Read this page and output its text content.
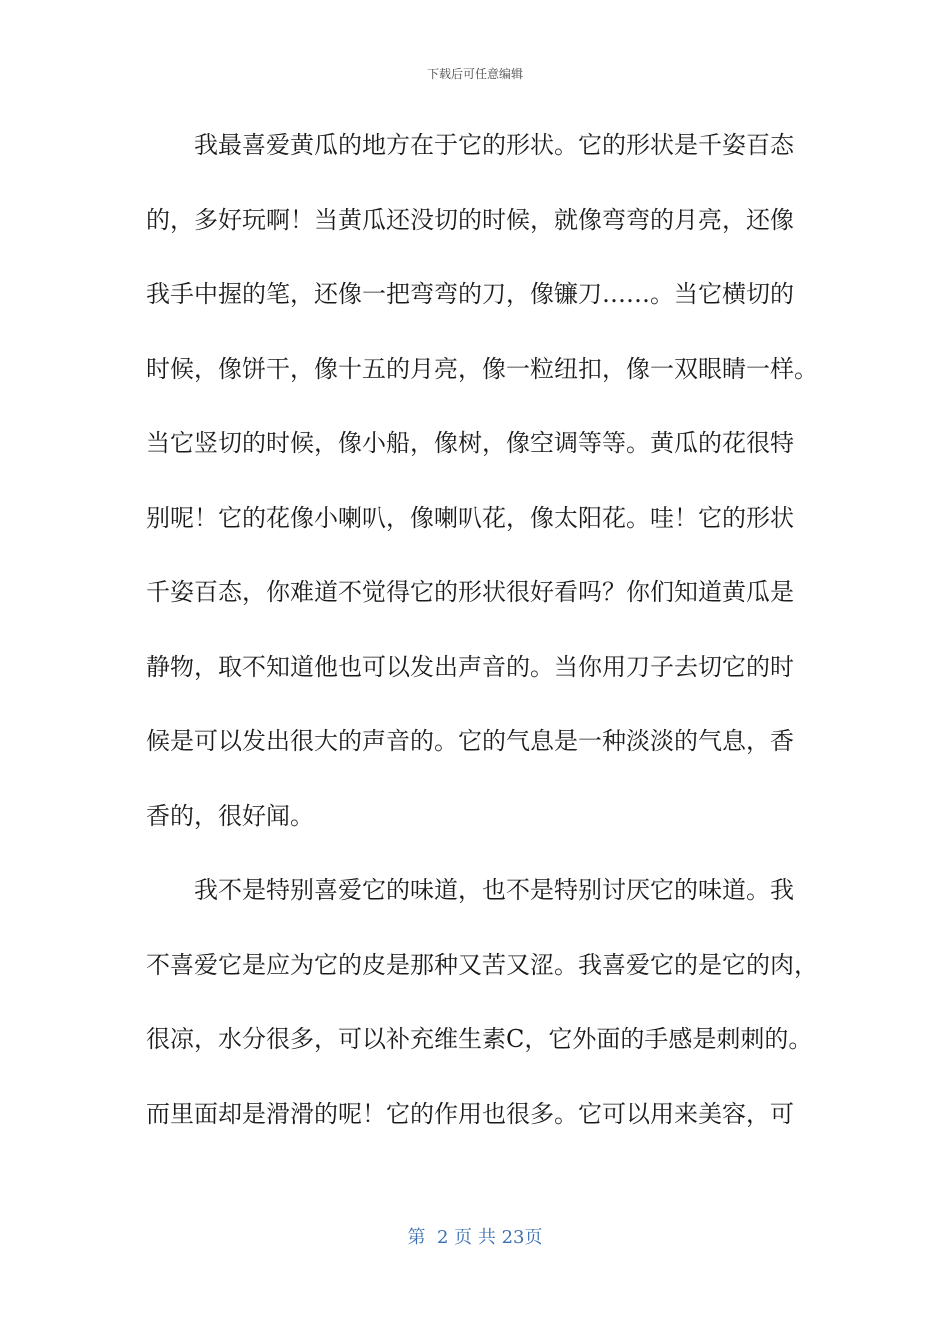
下载后可任意编辑
我最喜爱黄瓜的地方在于它的形状。它的形状是千姿百态
的，多好玩啊！当黄瓜还没切的时候，就像弯弯的月亮，还像
我手中握的笔，还像一把弯弯的刀，像镰刀……。当它横切的
时候，像饼干，像十五的月亮，像一粒纽扣，像一双眼睛一样。
当它竖切的时候，像小船，像树，像空调等等。黄瓜的花很特
别呢！它的花像小喇叭，像喇叭花，像太阳花。哇！它的形状
千姿百态，你难道不觉得它的形状很好看吗？你们知道黄瓜是
静物，取不知道他也可以发出声音的。当你用刀子去切它的时
候是可以发出很大的声音的。它的气息是一种淡淡的气息，香
香的，很好闻。
我不是特别喜爱它的味道，也不是特别讨厌它的味道。我
不喜爱它是应为它的皮是那种又苦又涩。我喜爱它的是它的肉，
很凉，水分很多，可以补充维生素C，它外面的手感是刺刺的。
而里面却是滑滑的呢！它的作用也很多。它可以用来美容，可
第  2 页 共 23页
